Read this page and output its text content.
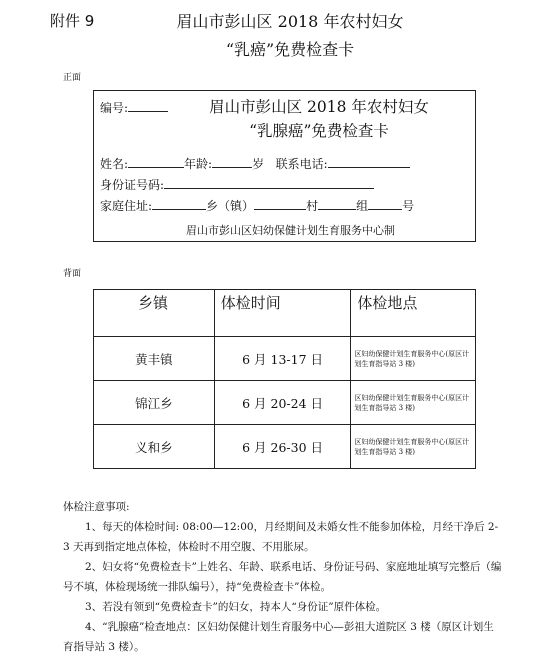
附件 9	眉山市彭山区 2018 年农村妇女
“乳癌”免费检查卡
正面
编号:	眉山市彭山区 2018 年农村妇女
“乳腺癌”免费检查卡
姓名:	年龄:	岁 联系电话:
身份证号码:
家庭住址:	乡（镇）	村	组	号
眉山市彭山区妇幼保健计划生育服务中心制
背面
乡镇	体检时间	体检地点
黄丰镇	6 月 13-17 日	区妇幼保健计划生育服务中心(原区计划生育指导站 3 楼)
锦江乡	6 月 20-24 日	区妇幼保健计划生育服务中心(原区计划生育指导站 3 楼)
义和乡	6 月 26-30 日	区妇幼保健计划生育服务中心(原区计划生育指导站 3 楼)

体检注意事项:

1、每天的体检时间: 08:00—12:00，月经期间及未婚女性不能参加体检，月经干净后 2-3 天再到指定地点体检，体检时不用空腹、不用胀尿。

2、妇女将“免费检查卡”上姓名、年龄、联系电话、身份证号码、家庭地址填写完整后（编号不填，体检现场统一排队编号），持“免费检查卡”体检。

3、若没有领到“免费检查卡”的妇女，持本人“身份证”原件体检。

4、“乳腺癌”检查地点：区妇幼保健计划生育服务中心—彭祖大道院区 3 楼（原区计划生育指导站 3 楼）。
